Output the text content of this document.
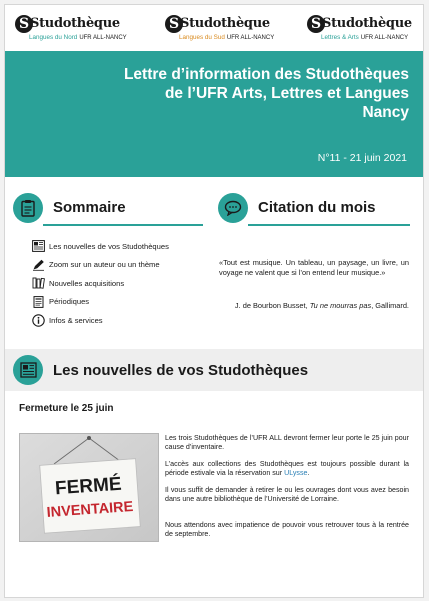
S Studothèque
Langues du Nord UFR ALL-NANCY
S Studothèque
Langues du Sud UFR ALL-NANCY
S Studothèque
Lettres & Arts UFR ALL-NANCY
Lettre d’information des Studothèques
de l’UFR Arts, Lettres et Langues
Nancy
N°11 - 21 juin 2021
Sommaire	Citation du mois
Les nouvelles de vos Studothèques
Zoom sur un auteur ou un thème
Nouvelles acquisitions
Périodiques
Infos & services
«Tout est musique. Un tableau, un paysage, un livre, un voyage ne valent que si l’on entend leur musique.»
J. de Bourbon Busset, Tu ne mourras pas, Gallimard.
Les nouvelles de vos Studothèques
Fermeture le 25 juin
FERMÉ
INVENTAIRE
Les trois Studothèques de l’UFR ALL devront fermer leur porte le 25 juin pour cause d’inventaire.
L’accès aux collections des Studothèques est toujours possible durant la période estivale via la réservation sur ULysse.
Il vous suffit de demander à retirer le ou les ouvrages dont vous avez besoin dans une autre bibliothèque de l’Université de Lorraine.
Nous attendons avec impatience de pouvoir vous retrouver tous à la rentrée de septembre.
